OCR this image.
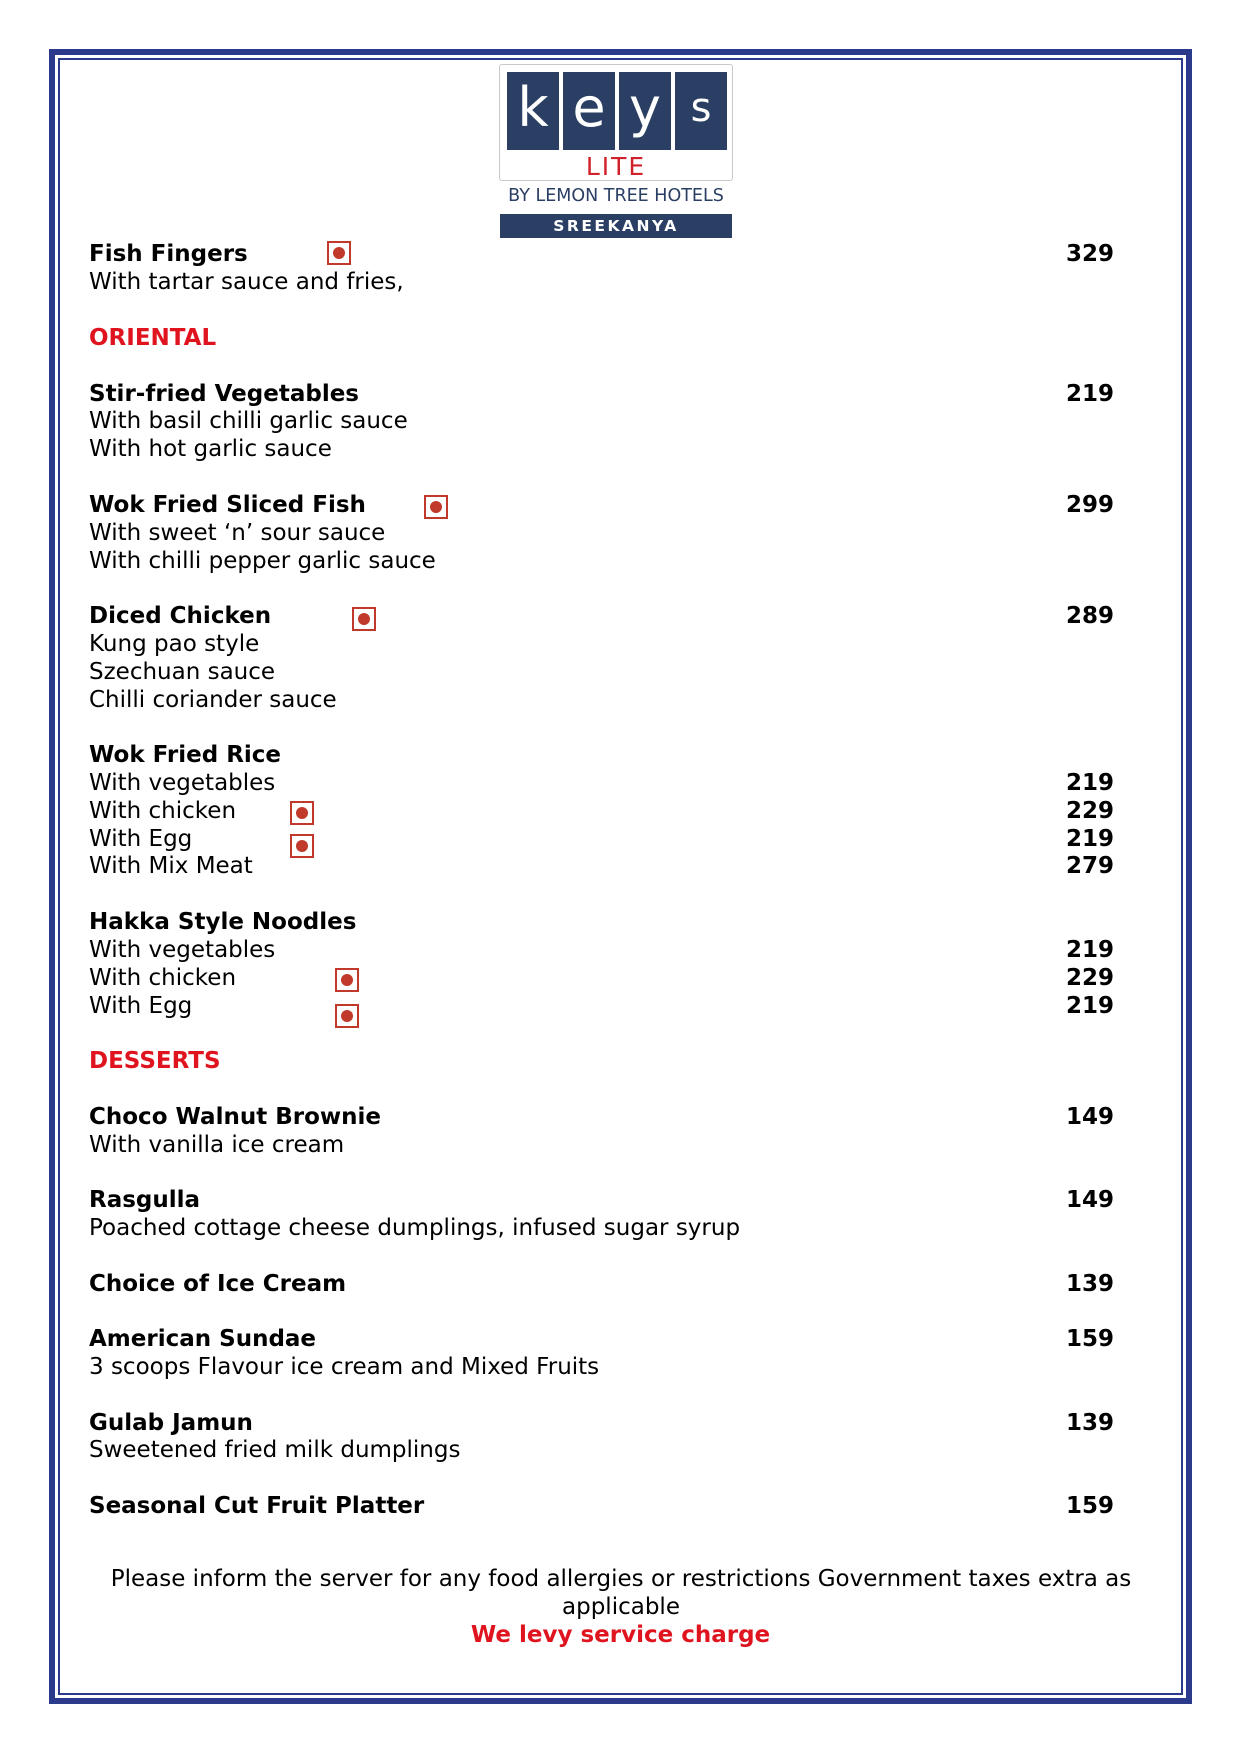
k e y s
LITE
BY LEMON TREE HOTELS
SREEKANYA
Fish Fingers	329
With tartar sauce and fries,
ORIENTAL
Stir-fried Vegetables	219
With basil chilli garlic sauce
With hot garlic sauce
Wok Fried Sliced Fish	299
With sweet ‘n’ sour sauce
With chilli pepper garlic sauce
Diced Chicken	289
Kung pao style
Szechuan sauce
Chilli coriander sauce
Wok Fried Rice
With vegetables	219
With chicken	229
With Egg	219
With Mix Meat	279
Hakka Style Noodles
With vegetables	219
With chicken	229
With Egg	219
DESSERTS
Choco Walnut Brownie	149
With vanilla ice cream
Rasgulla	149
Poached cottage cheese dumplings, infused sugar syrup
Choice of Ice Cream	139
American Sundae	159
3 scoops Flavour ice cream and Mixed Fruits
Gulab Jamun	139
Sweetened fried milk dumplings
Seasonal Cut Fruit Platter	159
Please inform the server for any food allergies or restrictions Government taxes extra as
applicable
We levy service charge
